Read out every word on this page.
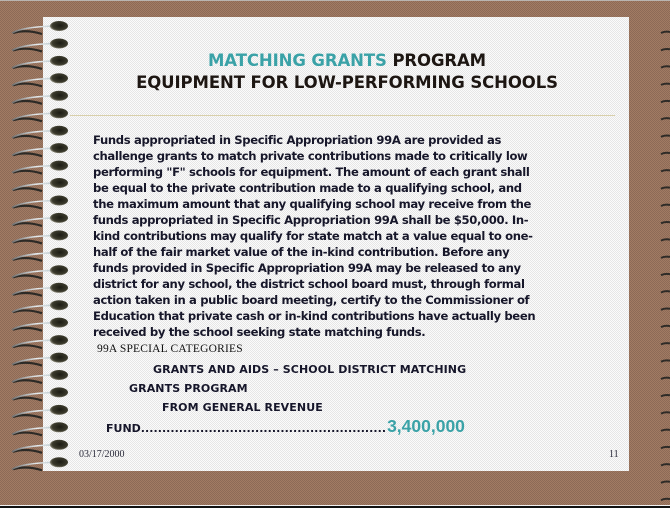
MATCHING GRANTS PROGRAM
EQUIPMENT FOR LOW-PERFORMING SCHOOLS
Funds appropriated in Specific Appropriation 99A are provided as
challenge grants to match private contributions made to critically low
performing "F" schools for equipment. The amount of each grant shall
be equal to the private contribution made to a qualifying school, and
the maximum amount that any qualifying school may receive from the
funds appropriated in Specific Appropriation 99A shall be $50,000. In-
kind contributions may qualify for state match at a value equal to one-
half of the fair market value of the in-kind contribution. Before any
funds provided in Specific Appropriation 99A may be released to any
district for any school, the district school board must, through formal
action taken in a public board meeting, certify to the Commissioner of
Education that private cash or in-kind contributions have actually been
received by the school seeking state matching funds.
99A SPECIAL CATEGORIES
GRANTS AND AIDS – SCHOOL DISTRICT MATCHING
GRANTS PROGRAM
FROM GENERAL REVENUE
FUND .......................................................... 3,400,000
03/17/2000	11
